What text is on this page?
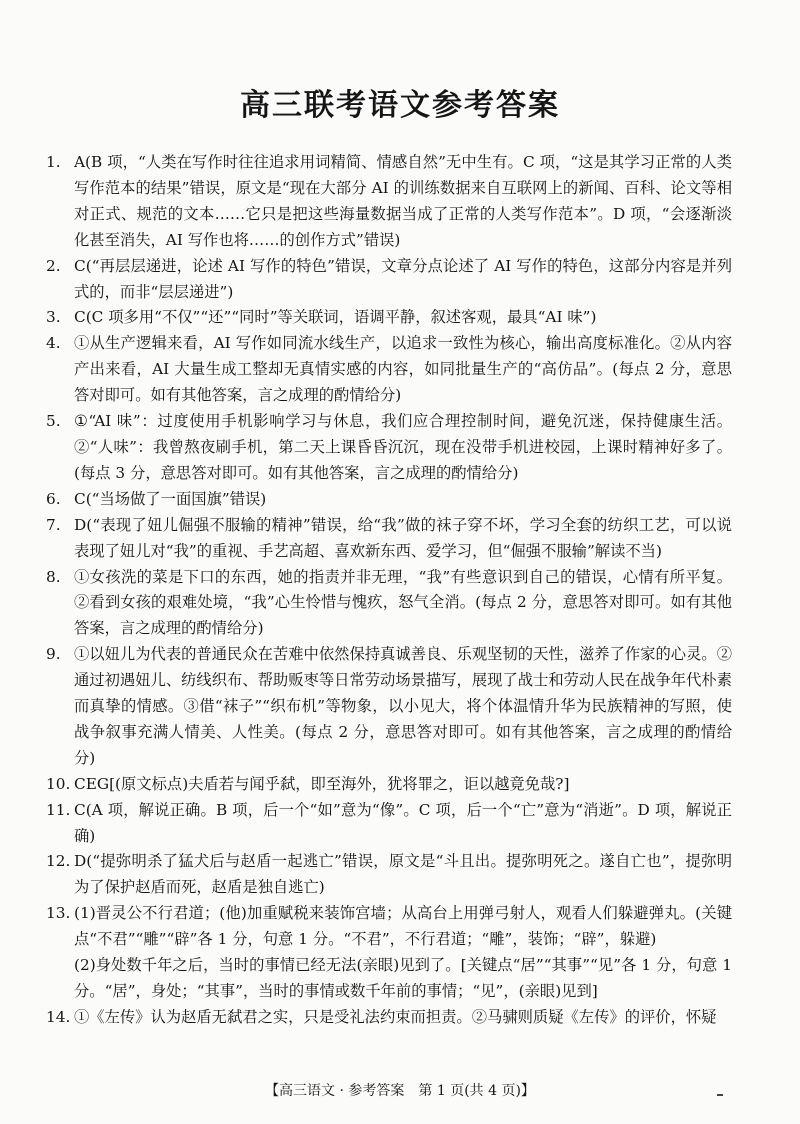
高三联考语文参考答案
1. A(B 项，“人类在写作时往往追求用词精简、情感自然”无中生有。C 项，“这是其学习正常的人类写作范本的结果”错误，原文是“现在大部分 AI 的训练数据来自互联网上的新闻、百科、论文等相对正式、规范的文本……它只是把这些海量数据当成了正常的人类写作范本”。D 项，“会逐渐淡化甚至消失，AI 写作也将……的创作方式”错误)
2. C(“再层层递进，论述 AI 写作的特色”错误，文章分点论述了 AI 写作的特色，这部分内容是并列式的，而非“层层递进”)
3. C(C 项多用“不仅”“还”“同时”等关联词，语调平静，叙述客观，最具“AI 味”)
4. ①从生产逻辑来看，AI 写作如同流水线生产，以追求一致性为核心，输出高度标准化。②从内容产出来看，AI 大量生成工整却无真情实感的内容，如同批量生产的“高仿品”。(每点 2 分，意思答对即可。如有其他答案，言之成理的酌情给分)
5. ①“AI 味”：过度使用手机影响学习与休息，我们应合理控制时间，避免沉迷，保持健康生活。②“人味”：我曾熬夜刷手机，第二天上课昏昏沉沉，现在没带手机进校园，上课时精神好多了。(每点 3 分，意思答对即可。如有其他答案，言之成理的酌情给分)
6. C(“当场做了一面国旗”错误)
7. D(“表现了妞儿倔强不服输的精神”错误，给“我”做的袜子穿不坏，学习全套的纺织工艺，可以说表现了妞儿对“我”的重视、手艺高超、喜欢新东西、爱学习，但“倔强不服输”解读不当)
8. ①女孩洗的菜是下口的东西，她的指责并非无理，“我”有些意识到自己的错误，心情有所平复。②看到女孩的艰难处境，“我”心生怜惜与愧疚，怒气全消。(每点 2 分，意思答对即可。如有其他答案，言之成理的酌情给分)
9. ①以妞儿为代表的普通民众在苦难中依然保持真诚善良、乐观坚韧的天性，滋养了作家的心灵。②通过初遇妞儿、纺线织布、帮助贩枣等日常劳动场景描写，展现了战士和劳动人民在战争年代朴素而真挚的情感。③借“袜子”“织布机”等物象，以小见大，将个体温情升华为民族精神的写照，使战争叙事充满人情美、人性美。(每点 2 分，意思答对即可。如有其他答案，言之成理的酌情给分)
10. CEG[(原文标点)夫盾若与闻乎弑，即至海外，犹将罪之，讵以越竟免哉?]
11. C(A 项，解说正确。B 项，后一个“如”意为“像”。C 项，后一个“亡”意为“消逝”。D 项，解说正确)
12. D(“提弥明杀了猛犬后与赵盾一起逃亡”错误，原文是“斗且出。提弥明死之。遂自亡也”，提弥明为了保护赵盾而死，赵盾是独自逃亡)
13. (1)晋灵公不行君道；(他)加重赋税来装饰宫墙；从高台上用弹弓射人，观看人们躲避弹丸。(关键点“不君”“雕”“辟”各 1 分，句意 1 分。“不君”，不行君道；“雕”，装饰；“辟”，躲避)
(2)身处数千年之后，当时的事情已经无法(亲眼)见到了。[关键点“居”“其事”“见”各 1 分，句意 1 分。“居”，身处；“其事”，当时的事情或数千年前的事情；“见”，(亲眼)见到]
14. ①《左传》认为赵盾无弑君之实，只是受礼法约束而担责。②马骕则质疑《左传》的评价，怀疑
【高三语文 · 参考答案　第 1 页(共 4 页)】
